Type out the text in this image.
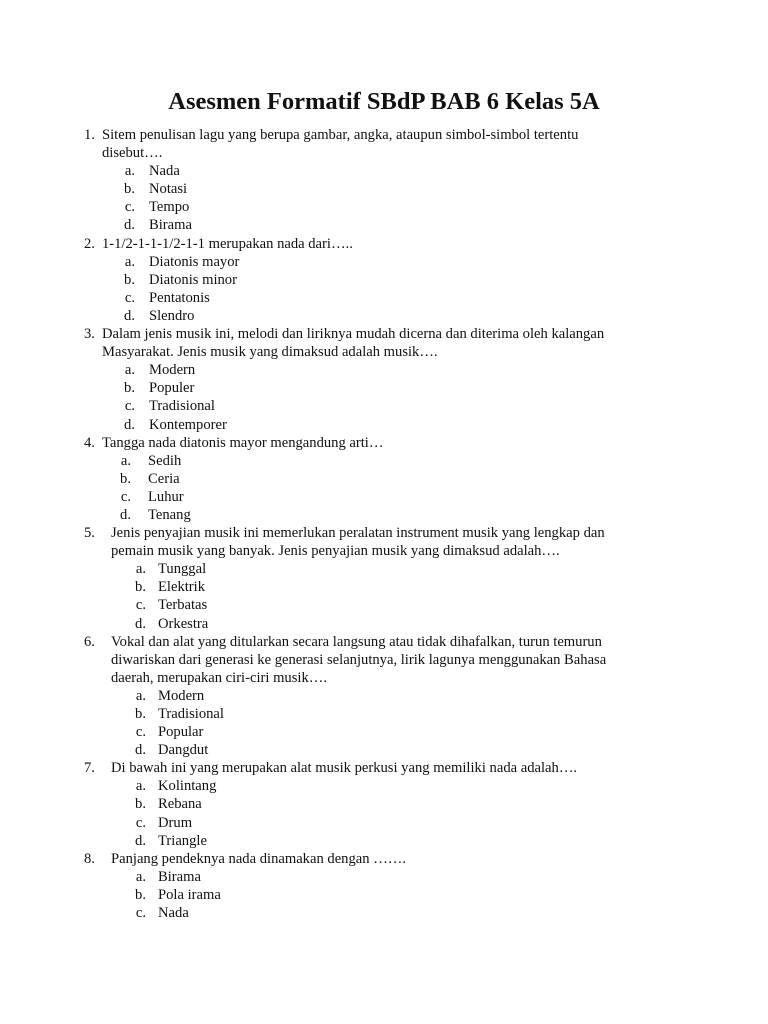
Asesmen Formatif SBdP BAB 6 Kelas 5A
1. Sitem penulisan lagu yang berupa gambar, angka, ataupun simbol-simbol tertentu
disebut….
a. Nada
b. Notasi
c. Tempo
d. Birama
2. 1-1/2-1-1-1/2-1-1 merupakan nada dari…..
a. Diatonis mayor
b. Diatonis minor
c. Pentatonis
d. Slendro
3. Dalam jenis musik ini, melodi dan liriknya mudah dicerna dan diterima oleh kalangan
Masyarakat. Jenis musik yang dimaksud adalah musik….
a. Modern
b. Populer
c. Tradisional
d. Kontemporer
4. Tangga nada diatonis mayor mengandung arti…
a. Sedih
b. Ceria
c. Luhur
d. Tenang
5. Jenis penyajian musik ini memerlukan peralatan instrument musik yang lengkap dan
pemain musik yang banyak. Jenis penyajian musik yang dimaksud adalah….
a. Tunggal
b. Elektrik
c. Terbatas
d. Orkestra
6. Vokal dan alat yang ditularkan secara langsung atau tidak dihafalkan, turun temurun
diwariskan dari generasi ke generasi selanjutnya, lirik lagunya menggunakan Bahasa
daerah, merupakan ciri-ciri musik….
a. Modern
b. Tradisional
c. Popular
d. Dangdut
7. Di bawah ini yang merupakan alat musik perkusi yang memiliki nada adalah….
a. Kolintang
b. Rebana
c. Drum
d. Triangle
8. Panjang pendeknya nada dinamakan dengan …….
a. Birama
b. Pola irama
c. Nada
